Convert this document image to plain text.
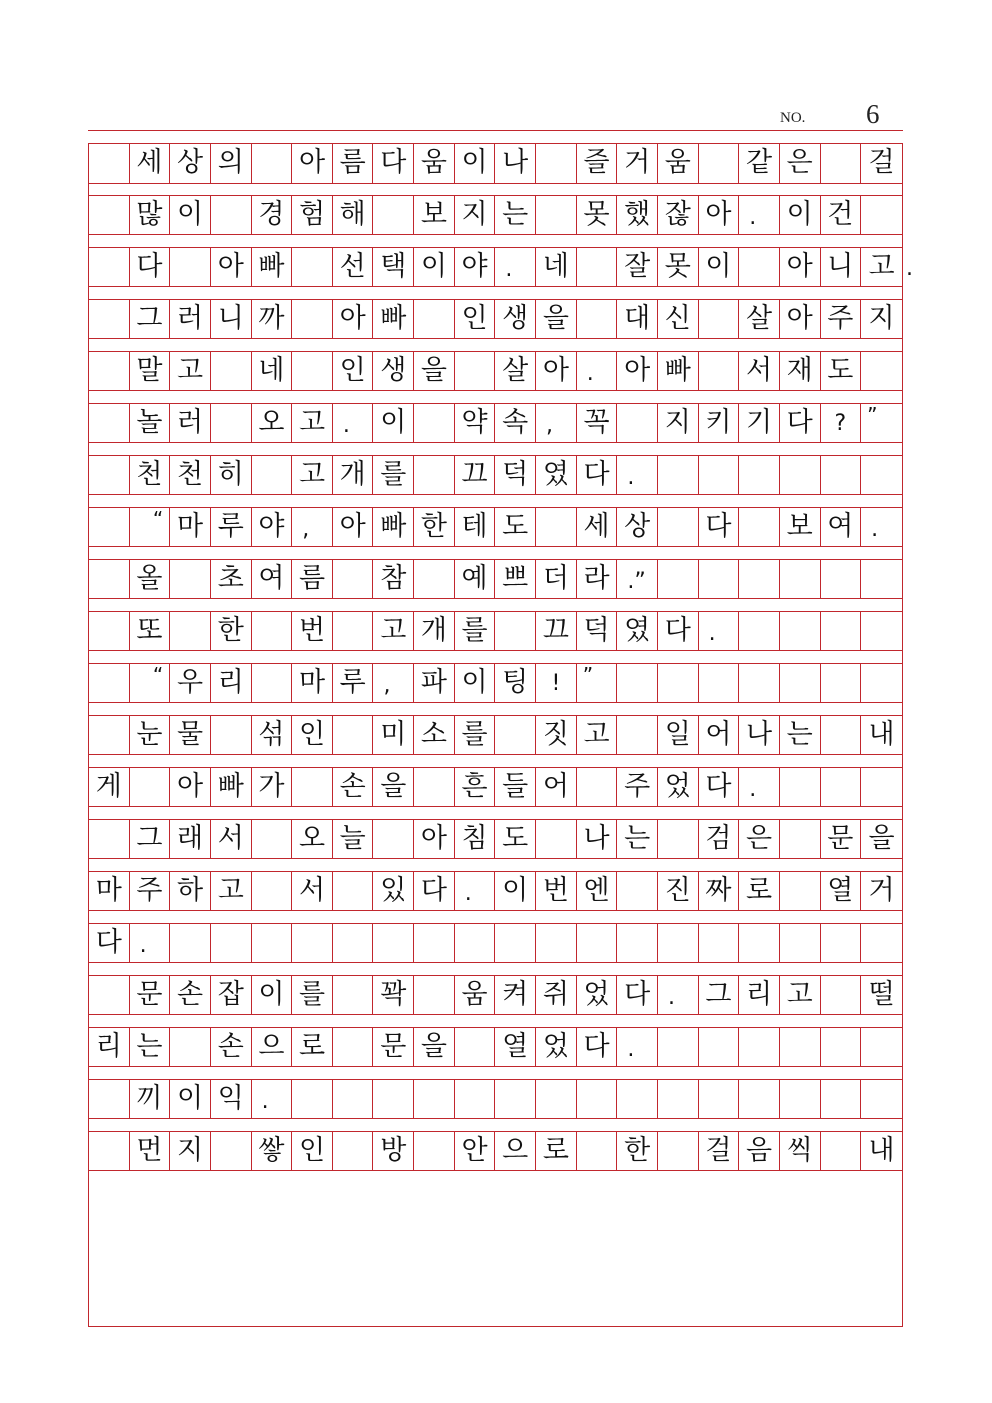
NO. 6
세 상 의 아 름 다 움 이 나 즐 거 움 같 은 걸
많 이 경 험 해 보 지 는 못 했 잖 아 .	이 건
다 아 빠 선 택 이 야 .	네 잘 못 이 아 니 고
그 러 니 까 아 빠 인 생 을 대 신 살 아 주 지
말 고 네 인 생 을 살 아 .	아 빠 서 재 도
놀 러 오 고 .	이 약 속 ,	꼭 지 키 기 다 ?	”
천 천 히 고 개 를 끄 덕 였 다 .
“ 마 루 야 ,	아 빠 한 테 도 세 상 다 보 여 .
올 초 여 름 참 예 쁘 더 라 .”
또 한 번 고 개 를 끄 덕 였 다 .
“ 우 리 마 루 ,	파 이 팅	!	”
눈 물 섞 인 미 소 를 짓 고 일 어 나 는 내
게 아 빠 가 손 을 흔 들 어 주 었 다 .
그 래 서 오 늘 아 침 도 나 는 검 은 문 을
마 주 하 고 서 있 다 .	이 번 엔 진 짜 로 열 거
다 .
문 손 잡 이 를 꽉 움 켜 쥐 었 다 .	그 리 고 떨
리 는 손 으 로 문 을 열 었 다 .
끼 이 익 .
먼 지 쌓 인 방 안 으 로 한 걸 음 씩 내
.
